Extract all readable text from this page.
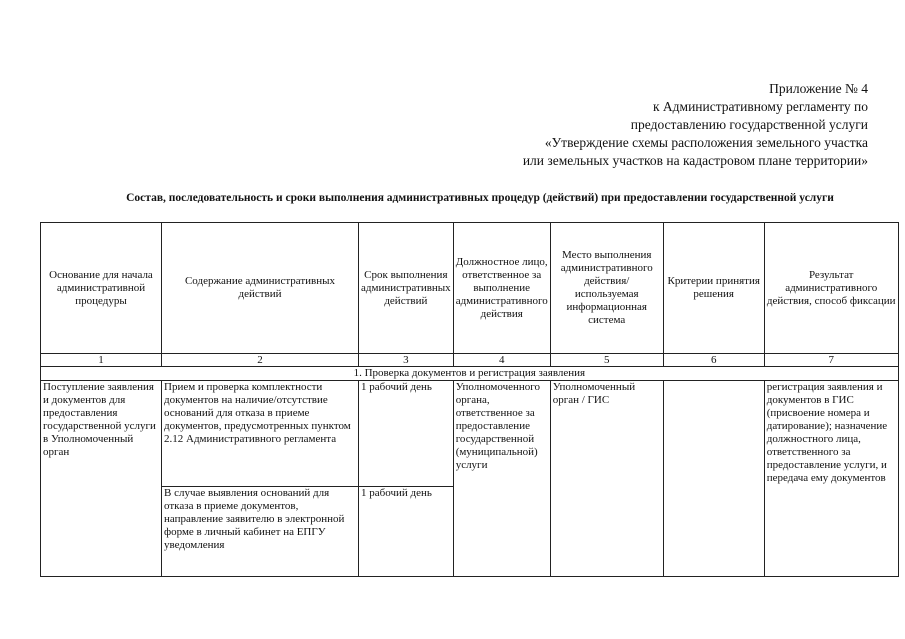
Приложение № 4
к Административному регламенту по
предоставлению государственной услуги
«Утверждение схемы расположения земельного участка
или земельных участков на кадастровом плане территории»
Состав, последовательность и сроки выполнения административных процедур (действий) при предоставлении государственной услуги
Основание для начала административной процедуры	Содержание административных действий	Срок выполнения административных действий	Должностное лицо, ответственное за выполнение административного действия	Место выполнения административного действия/ используемая информационная система	Критерии принятия решения	Результат административного действия, способ фиксации
1	2	3	4	5	6	7
1. Проверка документов и регистрация заявления						
Поступление заявления и документов для предоставления государственной услуги в Уполномоченный орган	Прием и проверка комплектности документов на наличие/отсутствие оснований для отказа в приеме документов, предусмотренных пунктом 2.12 Административного регламента	1 рабочий день	Уполномоченного органа, ответственное за предоставление государственной (муниципальной) услуги	Уполномоченный орган / ГИС		регистрация заявления и документов в ГИС (присвоение номера и датирование); назначение должностного лица, ответственного за предоставление услуги, и передача ему документов
	В случае выявления оснований для отказа в приеме документов, направление заявителю в электронной форме в личный кабинет на ЕПГУ уведомления	1 рабочий день				
